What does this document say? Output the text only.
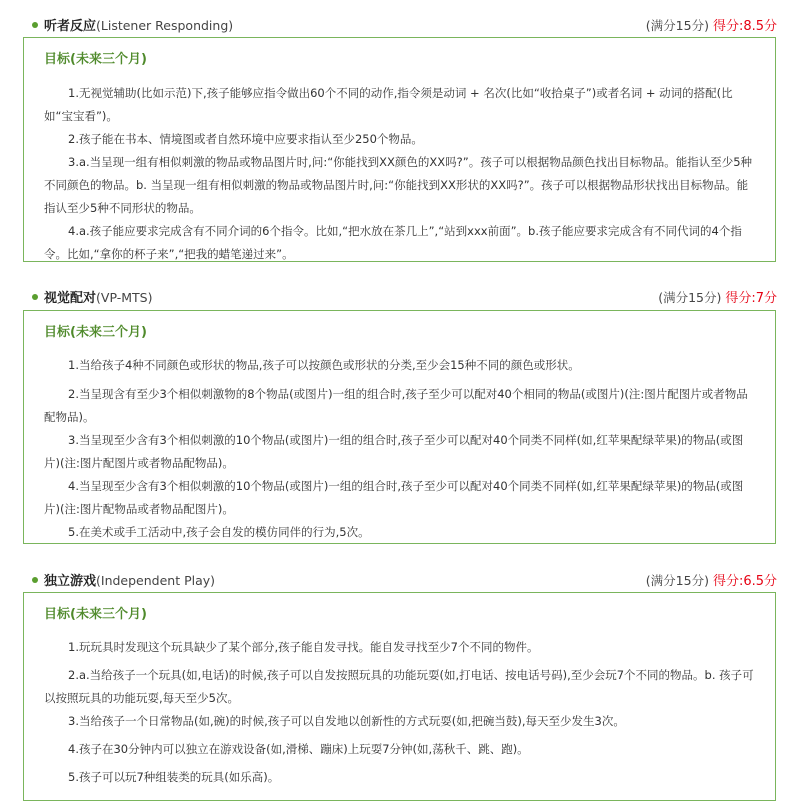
听者反应(Listener Responding)	(满分15分) 得分:8.5分
目标(未来三个月)
1.无视觉辅助(比如示范)下,孩子能够应指令做出60个不同的动作,指令须是动词 + 名次(比如“收拾桌子”)或者名词 + 动词的搭配(比如“宝宝看”)。
2.孩子能在书本、情境图或者自然环境中应要求指认至少250个物品。
3.a.当呈现一组有相似刺激的物品或物品图片时,问:“你能找到XX颜色的XX吗?”。孩子可以根据物品颜色找出目标物品。能指认至少5种不同颜色的物品。b. 当呈现一组有相似刺激的物品或物品图片时,问:“你能找到XX形状的XX吗?”。孩子可以根据物品形状找出目标物品。能指认至少5种不同形状的物品。
4.a.孩子能应要求完成含有不同介词的6个指令。比如,“把水放在茶几上”,“站到xxx前面”。b.孩子能应要求完成含有不同代词的4个指令。比如,“拿你的杯子来”,“把我的蜡笔递过来”。
视觉配对(VP-MTS)	(满分15分) 得分:7分
目标(未来三个月)
1.当给孩子4种不同颜色或形状的物品,孩子可以按颜色或形状的分类,至少会15种不同的颜色或形状。
2.当呈现含有至少3个相似刺激物的8个物品(或图片)一组的组合时,孩子至少可以配对40个相同的物品(或图片)(注:图片配图片或者物品配物品)。
3.当呈现至少含有3个相似刺激的10个物品(或图片)一组的组合时,孩子至少可以配对40个同类不同样(如,红苹果配绿苹果)的物品(或图片)(注:图片配图片或者物品配物品)。
4.当呈现至少含有3个相似刺激的10个物品(或图片)一组的组合时,孩子至少可以配对40个同类不同样(如,红苹果配绿苹果)的物品(或图片)(注:图片配物品或者物品配图片)。
5.在美术或手工活动中,孩子会自发的模仿同伴的行为,5次。
独立游戏(Independent Play)	(满分15分) 得分:6.5分
目标(未来三个月)
1.玩玩具时发现这个玩具缺少了某个部分,孩子能自发寻找。能自发寻找至少7个不同的物件。
2.a.当给孩子一个玩具(如,电话)的时候,孩子可以自发按照玩具的功能玩耍(如,打电话、按电话号码),至少会玩7个不同的物品。b. 孩子可以按照玩具的功能玩耍,每天至少5次。
3.当给孩子一个日常物品(如,碗)的时候,孩子可以自发地以创新性的方式玩耍(如,把碗当鼓),每天至少发生3次。
4.孩子在30分钟内可以独立在游戏设备(如,滑梯、蹦床)上玩耍7分钟(如,荡秋千、跳、跑)。
5.孩子可以玩7种组装类的玩具(如乐高)。
